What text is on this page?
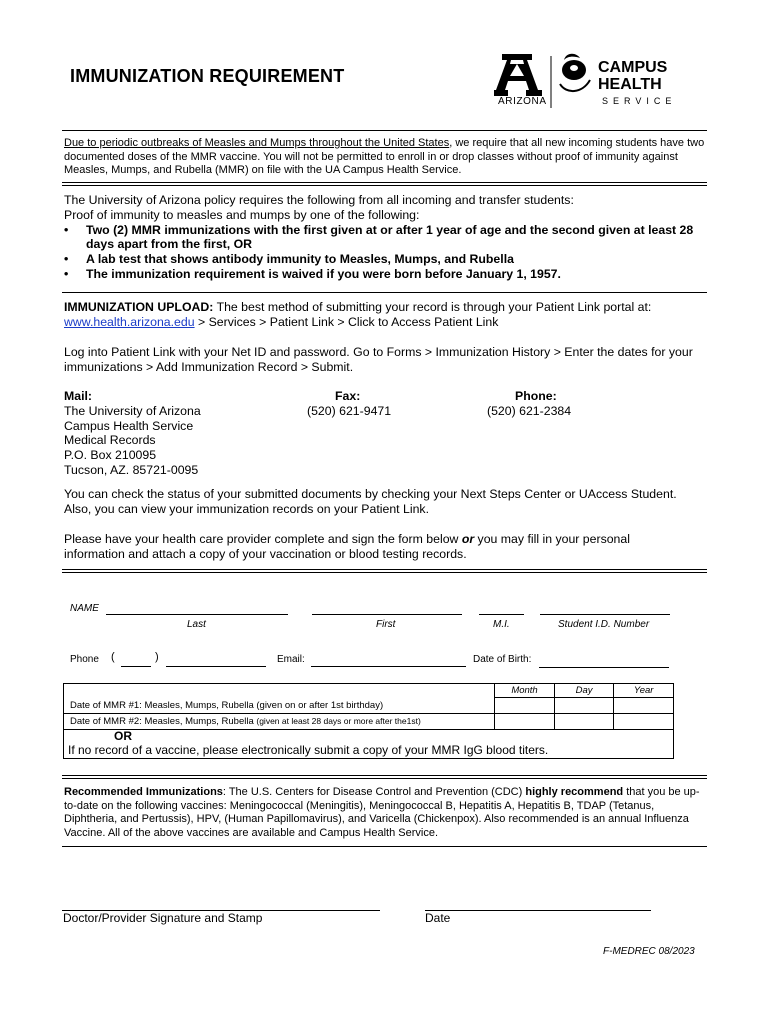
IMMUNIZATION REQUIREMENT
ARIZONA
CAMPUS
HEALTH
SERVICE
Due to periodic outbreaks of Measles and Mumps throughout the United States, we require that all new incoming students have two documented doses of the MMR vaccine. You will not be permitted to enroll in or drop classes without proof of immunity against Measles, Mumps, and Rubella (MMR) on file with the UA Campus Health Service.

The University of Arizona policy requires the following from all incoming and transfer students:

Proof of immunity to measles and mumps by one of the following:

• Two (2) MMR immunizations with the first given at or after 1 year of age and the second given at least 28 days apart from the first, OR
• A lab test that shows antibody immunity to Measles, Mumps, and Rubella
• The immunization requirement is waived if you were born before January 1, 1957.

IMMUNIZATION UPLOAD: The best method of submitting your record is through your Patient Link portal at:

www.health.arizona.edu > Services > Patient Link > Click to Access Patient Link

Log into Patient Link with your Net ID and password. Go to Forms > Immunization History > Enter the dates for your immunizations > Add Immunization Record > Submit.

Mail:

The University of Arizona

Campus Health Service

Medical Records

P.O. Box 210095

Tucson, AZ. 85721-0095

Fax:
(520) 621-9471
Phone:
(520) 621-2384
You can check the status of your submitted documents by checking your Next Steps Center or UAccess Student. Also, you can view your immunization records on your Patient Link.
Please have your health care provider complete and sign the form below or you may fill in your personal information and attach a copy of your vaccination or blood testing records.
NAME
Last	First	M.I.	Student I.D. Number
Phone (	)	Email:	Date of Birth:
	Month	Day	Year
Date of MMR #1: Measles, Mumps, Rubella (given on or after 1st birthday)			
Date of MMR #2: Measles, Mumps, Rubella (given at least 28 days or more after the1st)			
OR			
If no record of a vaccine, please electronically submit a copy of your MMR IgG blood titers.			
Recommended Immunizations: The U.S. Centers for Disease Control and Prevention (CDC) highly recommend that you be up-to-date on the following vaccines: Meningococcal (Meningitis), Meningococcal B, Hepatitis A, Hepatitis B, TDAP (Tetanus, Diphtheria, and Pertussis), HPV, (Human Papillomavirus), and Varicella (Chickenpox). Also recommended is an annual Influenza Vaccine. All of the above vaccines are available and Campus Health Service.
Doctor/Provider Signature and Stamp	Date
F-MEDREC 08/2023
